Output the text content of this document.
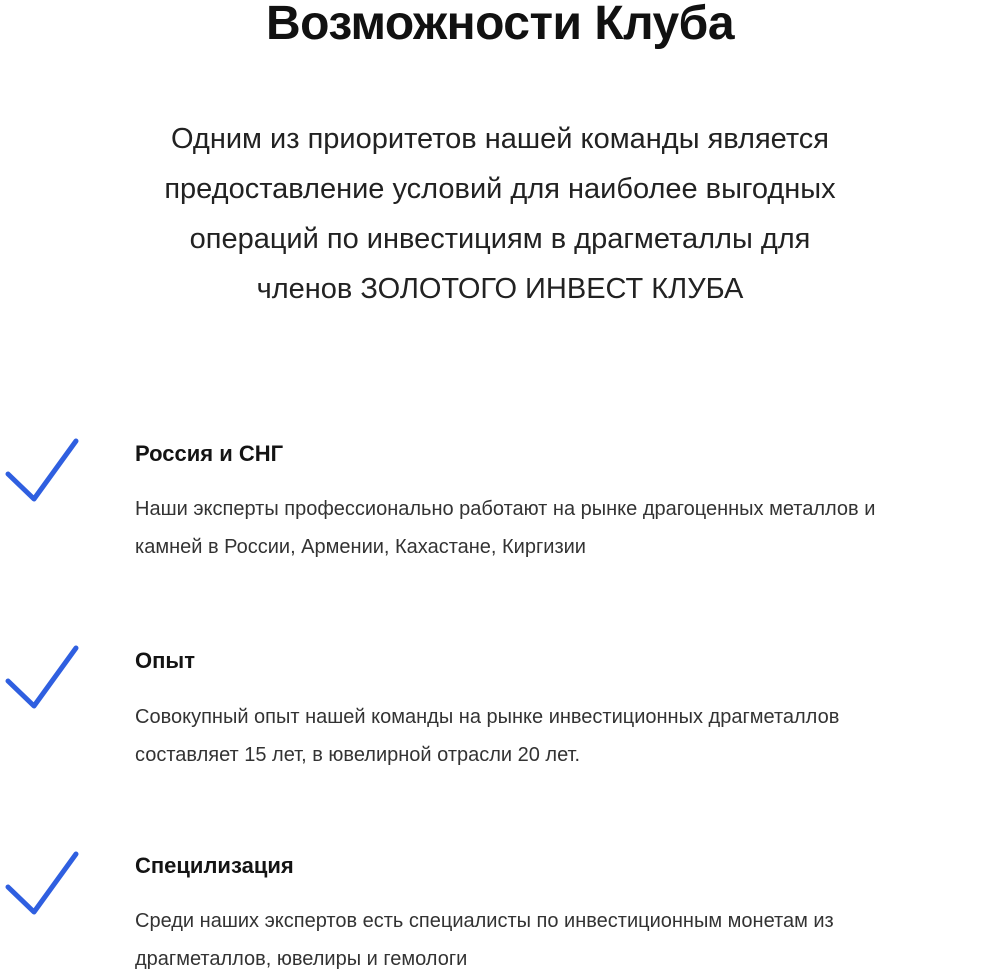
Возможности Клуба

Одним из приоритетов нашей команды является
предоставление условий для наиболее выгодных
операций по инвестициям в драгметаллы для
членов ЗОЛОТОГО ИНВЕСТ КЛУБА

Россия и СНГ

Наши эксперты профессионально работают на рынке драгоценных металлов и
камней в России, Армении, Кахастане, Киргизии

Опыт

Совокупный опыт нашей команды на рынке инвестиционных драгметаллов
составляет 15 лет, в ювелирной отрасли 20 лет.

Специлизация

Среди наших экспертов есть специалисты по инвестиционным монетам из
драгметаллов, ювелиры и гемологи
